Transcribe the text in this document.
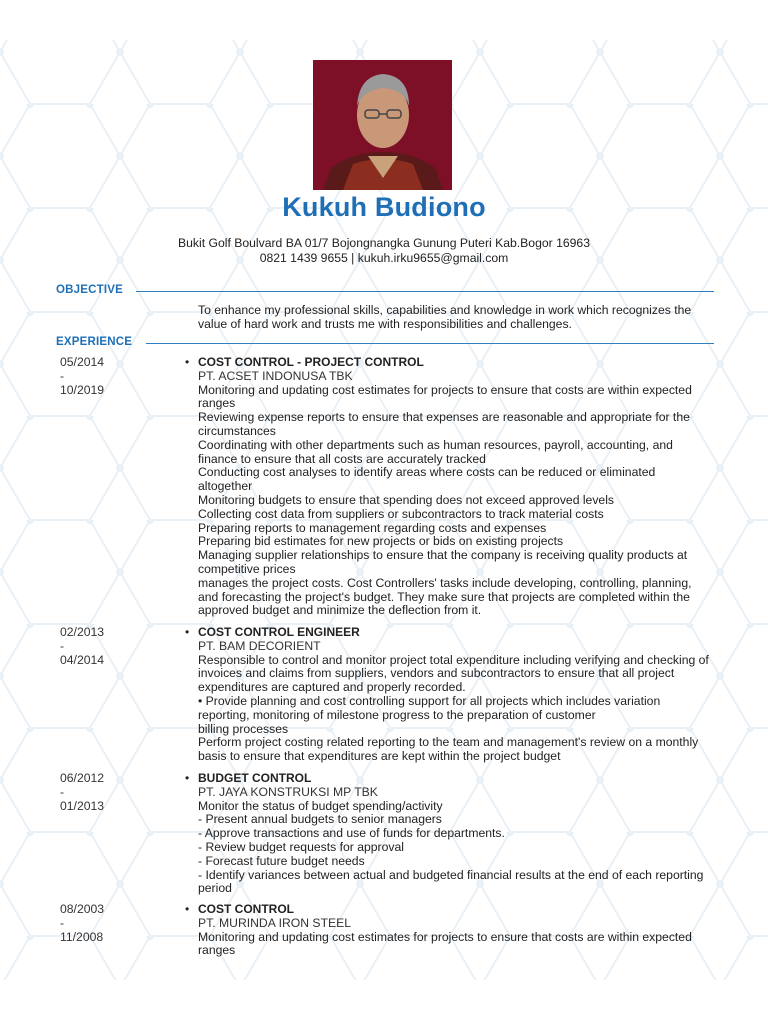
Kukuh Budiono
Bukit Golf Boulvard BA 01/7 Bojongnangka Gunung Puteri Kab.Bogor 16963
0821 1439 9655 | kukuh.irku9655@gmail.com
OBJECTIVE
To enhance my professional skills, capabilities and knowledge in work which recognizes the value of hard work and trusts me with responsibilities and challenges.
EXPERIENCE
05/2014
-
10/2019
• COST CONTROL - PROJECT CONTROL
PT. ACSET INDONUSA TBK
Monitoring and updating cost estimates for projects to ensure that costs are within expected ranges
Reviewing expense reports to ensure that expenses are reasonable and appropriate for the circumstances
Coordinating with other departments such as human resources, payroll, accounting, and finance to ensure that all costs are accurately tracked
Conducting cost analyses to identify areas where costs can be reduced or eliminated altogether
Monitoring budgets to ensure that spending does not exceed approved levels
Collecting cost data from suppliers or subcontractors to track material costs
Preparing reports to management regarding costs and expenses
Preparing bid estimates for new projects or bids on existing projects
Managing supplier relationships to ensure that the company is receiving quality products at competitive prices
manages the project costs. Cost Controllers' tasks include developing, controlling, planning, and forecasting the project's budget. They make sure that projects are completed within the approved budget and minimize the deflection from it.
02/2013
-
04/2014
• COST CONTROL ENGINEER
PT. BAM DECORIENT
Responsible to control and monitor project total expenditure including verifying and checking of invoices and claims from suppliers, vendors and subcontractors to ensure that all project expenditures are captured and properly recorded.
• Provide planning and cost controlling support for all projects which includes variation reporting, monitoring of milestone progress to the preparation of customer
billing processes
Perform project costing related reporting to the team and management's review on a monthly basis to ensure that expenditures are kept within the project budget
06/2012
-
01/2013
• BUDGET CONTROL
PT. JAYA KONSTRUKSI MP TBK
Monitor the status of budget spending/activity
- Present annual budgets to senior managers
- Approve transactions and use of funds for departments.
- Review budget requests for approval
- Forecast future budget needs
- Identify variances between actual and budgeted financial results at the end of each reporting period
08/2003
-
11/2008
• COST CONTROL
PT. MURINDA IRON STEEL
Monitoring and updating cost estimates for projects to ensure that costs are within expected ranges
